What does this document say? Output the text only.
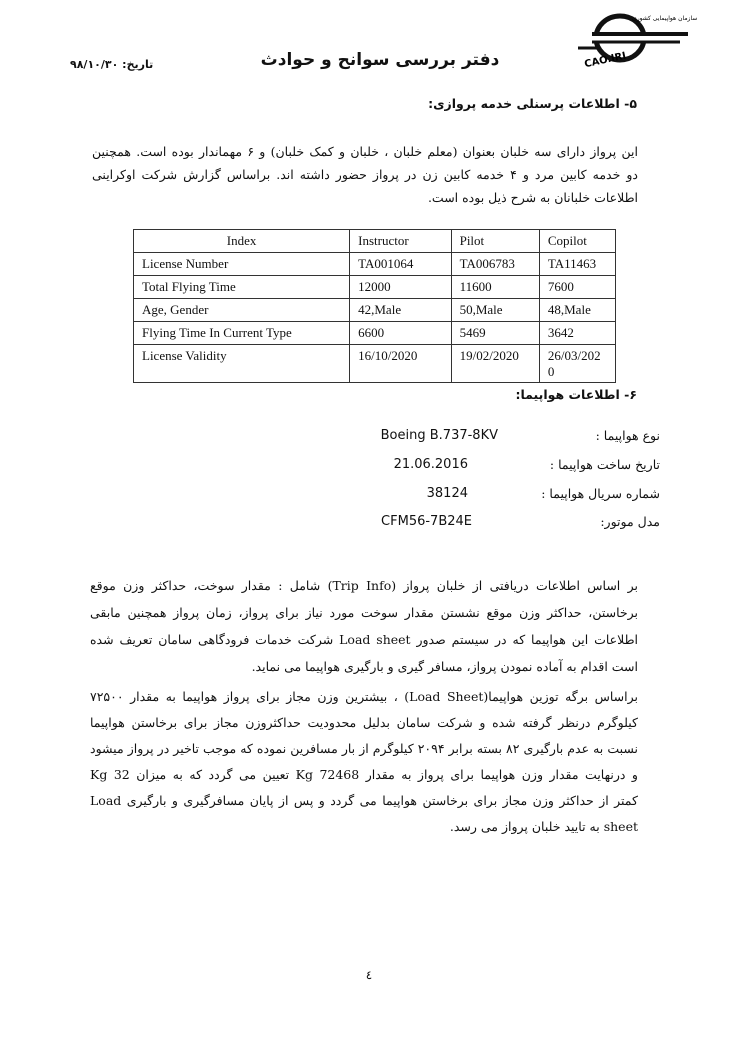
سازمان هواپیمایی کشوری
CAO.IRI
دفتر بررسی سوانح و حوادث
تاریخ: ۹۸/۱۰/۳۰
۵- اطلاعات پرسنلی خدمه پروازی:
این پرواز دارای سه خلبان بعنوان (معلم خلبان ، خلبان و کمک خلبان) و ۶ مهماندار بوده است. همچنین
دو خدمه کابین مرد و ۴ خدمه کابین زن در پرواز حضور داشته اند. براساس گزارش شرکت اوکراینی
اطلاعات خلبانان به شرح ذیل بوده است.
Index	Instructor	Pilot	Copilot
License Number	TA001064	TA006783	TA11463
Total Flying Time	12000	11600	7600
Age, Gender	42,Male	50,Male	48,Male
Flying Time In Current Type	6600	5469	3642
License Validity	16/10/2020	19/02/2020	26/03/2020
۶- اطلاعات هواپیما:
نوع هواپیما :
Boeing B.737-8KV
تاریخ ساخت هواپیما :
21.06.2016
شماره سریال هواپیما :
38124
مدل موتور:
CFM56-7B24E
بر اساس اطلاعات دریافتی از خلبان پرواز (Trip Info) شامل : مقدار سوخت، حداکثر وزن موقع
برخاستن، حداکثر وزن موقع نشستن مقدار سوخت مورد نیاز برای پرواز، زمان پرواز همچنین مابقی
اطلاعات این هواپیما که در سیستم صدور Load sheet شرکت خدمات فرودگاهی سامان تعریف شده
است اقدام به آماده نمودن پرواز، مسافر گیری و بارگیری هواپیما می نماید.
براساس برگه توزین هواپیما(Load Sheet) ، بیشترین وزن مجاز برای پرواز هواپیما به مقدار ۷۲۵۰۰
کیلوگرم درنظر گرفته شده و شرکت سامان بدلیل محدودیت حداکثروزن مجاز برای برخاستن هواپیما
نسبت به عدم بارگیری ۸۲ بسته برابر ۲۰۹۴ کیلوگرم از بار مسافرین نموده که موجب تاخیر در پرواز میشود
و درنهایت مقدار وزن هواپیما برای پرواز به مقدار 72468 Kg تعیین می گردد که به میزان 32 Kg
کمتر از حداکثر وزن مجاز برای برخاستن هواپیما می گردد و پس از پایان مسافرگیری و بارگیری Load
sheet به تایید خلبان پرواز می رسد.
٤
